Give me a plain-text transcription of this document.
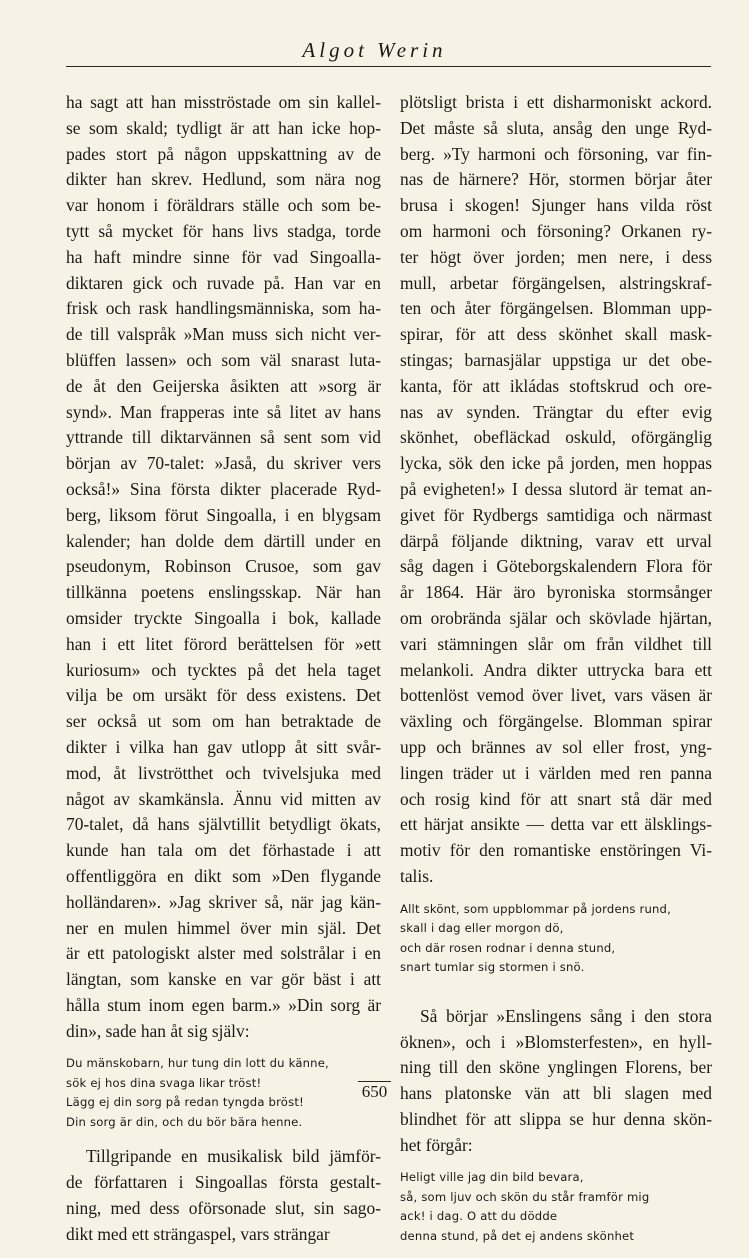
Algot Werin
ha sagt att han misströstade om sin kallel-
se som skald; tydligt är att han icke hop-
pades stort på någon uppskattning av de
dikter han skrev. Hedlund, som nära nog
var honom i föräldrars ställe och som be-
tytt så mycket för hans livs stadga, torde
ha haft mindre sinne för vad Singoalla-
diktaren gick och ruvade på. Han var en
frisk och rask handlingsmänniska, som ha-
de till valspråk »Man muss sich nicht ver-
blüffen lassen» och som väl snarast luta-
de åt den Geijerska åsikten att »sorg är
synd». Man frapperas inte så litet av hans
yttrande till diktarvännen så sent som vid
början av 70-talet: »Jaså, du skriver vers
också!» Sina första dikter placerade Ryd-
berg, liksom förut Singoalla, i en blygsam
kalender; han dolde dem därtill under en
pseudonym, Robinson Crusoe, som gav
tillkänna poetens enslingsskap. När han
omsider tryckte Singoalla i bok, kallade
han i ett litet förord berättelsen för »ett
kuriosum» och tycktes på det hela taget
vilja be om ursäkt för dess existens. Det
ser också ut som om han betraktade de
dikter i vilka han gav utlopp åt sitt svår-
mod, åt livströtthet och tvivelsjuka med
något av skamkänsla. Ännu vid mitten av
70-talet, då hans självtillit betydligt ökats,
kunde han tala om det förhastade i att
offentliggöra en dikt som »Den flygande
holländaren». »Jag skriver så, när jag kän-
ner en mulen himmel över min själ. Det
är ett patologiskt alster med solstrålar i en
längtan, som kanske en var gör bäst i att
hålla stum inom egen barm.» »Din sorg är
din», sade han åt sig själv:
Du mänskobarn, hur tung din lott du känne,
sök ej hos dina svaga likar tröst!
Lägg ej din sorg på redan tyngda bröst!
Din sorg är din, och du bör bära henne.
Tillgripande en musikalisk bild jämför-
de författaren i Singoallas första gestalt-
ning, med dess oförsonade slut, sin sago-
dikt med ett strängaspel, vars strängar
plötsligt brista i ett disharmoniskt ackord.
Det måste så sluta, ansåg den unge Ryd-
berg. »Ty harmoni och försoning, var fin-
nas de härnere? Hör, stormen börjar åter
brusa i skogen! Sjunger hans vilda röst
om harmoni och försoning? Orkanen ry-
ter högt över jorden; men nere, i dess
mull, arbetar förgängelsen, alstringskraf-
ten och åter förgängelsen. Blomman upp-
spirar, för att dess skönhet skall mask-
stingas; barnasjälar uppstiga ur det obe-
kanta, för att ikládas stoftskrud och ore-
nas av synden. Trängtar du efter evig
skönhet, obefläckad oskuld, oförgänglig
lycka, sök den icke på jorden, men hoppas
på evigheten!» I dessa slutord är temat an-
givet för Rydbergs samtidiga och närmast
därpå följande diktning, varav ett urval
såg dagen i Göteborgskalendern Flora för
år 1864. Här äro byroniska stormsånger
om orobrända själar och skövlade hjärtan,
vari stämningen slår om från vildhet till
melankoli. Andra dikter uttrycka bara ett
bottenlöst vemod över livet, vars väsen är
växling och förgängelse. Blomman spirar
upp och brännes av sol eller frost, yng-
lingen träder ut i världen med ren panna
och rosig kind för att snart stå där med
ett härjat ansikte — detta var ett älsklings-
motiv för den romantiske enstöringen Vi-
talis.
Allt skönt, som uppblommar på jordens rund,
skall i dag eller morgon dö,
och där rosen rodnar i denna stund,
snart tumlar sig stormen i snö.
Så börjar »Enslingens sång i den stora
öknen», och i »Blomsterfesten», en hyll-
ning till den sköne ynglingen Florens, ber
hans platonske vän att bli slagen med
blindhet för att slippa se hur denna skön-
het förgår:
Heligt ville jag din bild bevara,
så, som ljuv och skön du står framför mig
ack! i dag. O att du dödde
denna stund, på det ej andens skönhet
650
